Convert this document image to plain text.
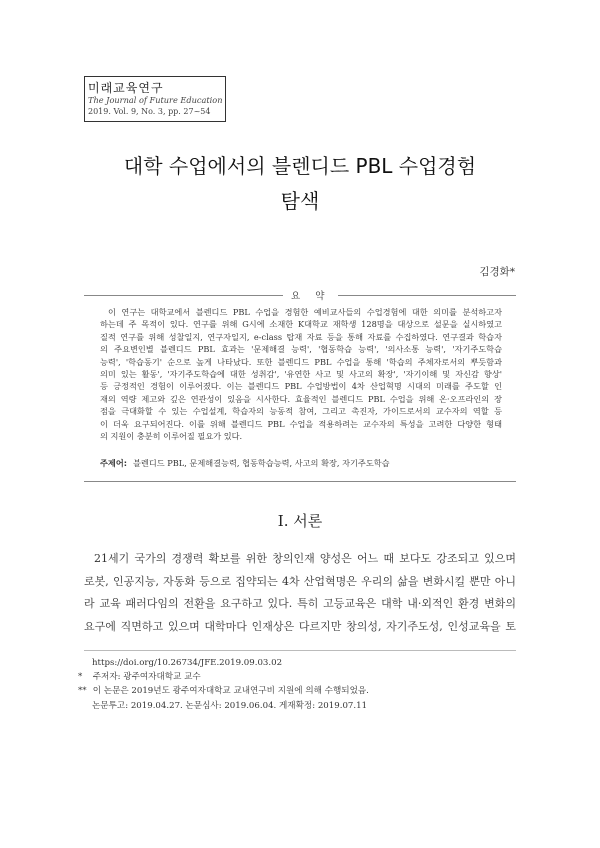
미래교육연구
The Journal of Future Education
2019. Vol. 9, No. 3, pp. 27~54
대학 수업에서의 블렌디드 PBL 수업경험
탐색
김경화*
요 약
이 연구는 대학교에서 블렌디드 PBL 수업을 경험한 예비교사들의 수업경험에 대한 의미를 분석하고자
하는데 주 목적이 있다. 연구를 위해 G시에 소재한 K대학교 재학생 128명을 대상으로 설문을 실시하였고
질적 연구를 위해 성찰일지, 연구자일지, e-class 탑재 자료 등을 통해 자료를 수집하였다. 연구결과 학습자
의 주요변인별 블렌디드 PBL 효과는 '문제해결 능력', '협동학습 능력', '의사소통 능력', '자기주도학습
능력', '학습동기' 순으로 높게 나타났다. 또한 블렌디드 PBL 수업을 통해 '학습의 주체자로서의 뿌듯함과
의미 있는 활동', '자기주도학습에 대한 성취감', '유연한 사고 및 사고의 확장', '자기이해 및 자신감 향상'
등 긍정적인 경험이 이루어졌다. 이는 블렌디드 PBL 수업방법이 4차 산업혁명 시대의 미래를 주도할 인
재의 역량 제고와 깊은 연관성이 있음을 시사한다. 효율적인 블렌디드 PBL 수업을 위해 온·오프라인의 장
점을 극대화할 수 있는 수업설계, 학습자의 능동적 참여, 그리고 촉진자, 가이드로서의 교수자의 역할 등
이 더욱 요구되어진다. 이를 위해 블렌디드 PBL 수업을 적용하려는 교수자의 특성을 고려한 다양한 형태
의 지원이 충분히 이루어질 필요가 있다.
주제어: 블렌디드 PBL, 문제해결능력, 협동학습능력, 사고의 확장, 자기주도학습
Ⅰ. 서론
21세기 국가의 경쟁력 확보를 위한 창의인재 양성은 어느 때 보다도 강조되고 있으며
로봇, 인공지능, 자동화 등으로 집약되는 4차 산업혁명은 우리의 삶을 변화시킬 뿐만 아니
라 교육 패러다임의 전환을 요구하고 있다. 특히 고등교육은 대학 내·외적인 환경 변화의
요구에 직면하고 있으며 대학마다 인재상은 다르지만 창의성, 자기주도성, 인성교육을 토
https://doi.org/10.26734/JFE.2019.09.03.02
* 주저자: 광주여자대학교 교수
** 이 논문은 2019년도 광주여자대학교 교내연구비 지원에 의해 수행되었음.
논문투고: 2019.04.27. 논문심사: 2019.06.04. 게재확정: 2019.07.11
